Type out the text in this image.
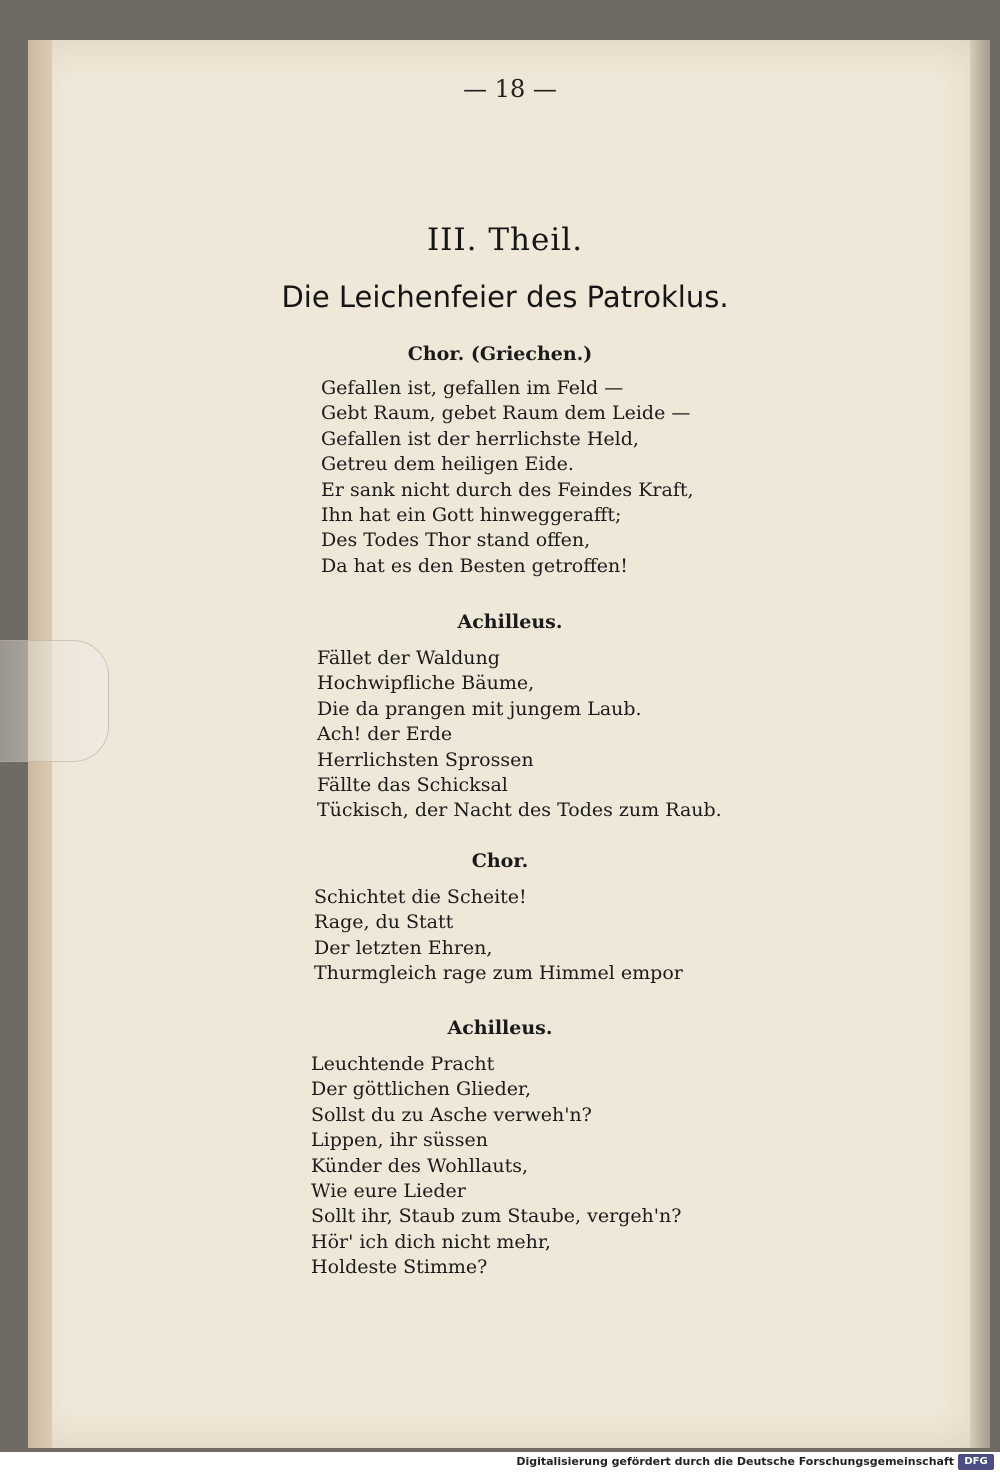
— 18 —
III. Theil.
Die Leichenfeier des Patroklus.
Chor. (Griechen.)
Gefallen ist, gefallen im Feld —
Gebt Raum, gebet Raum dem Leide —
Gefallen ist der herrlichste Held,
Getreu dem heiligen Eide.
Er sank nicht durch des Feindes Kraft,
Ihn hat ein Gott hinweggerafft;
Des Todes Thor stand offen,
Da hat es den Besten getroffen!
Achilleus.
Fället der Waldung
Hochwipfliche Bäume,
Die da prangen mit jungem Laub.
Ach! der Erde
Herrlichsten Sprossen
Fällte das Schicksal
Tückisch, der Nacht des Todes zum Raub.
Chor.
Schichtet die Scheite!
Rage, du Statt
Der letzten Ehren,
Thurmgleich rage zum Himmel empor
Achilleus.
Leuchtende Pracht
Der göttlichen Glieder,
Sollst du zu Asche verweh'n?
Lippen, ihr süssen
Künder des Wohllauts,
Wie eure Lieder
Sollt ihr, Staub zum Staube, vergeh'n?
Hör' ich dich nicht mehr,
Holdeste Stimme?
Digitalisierung gefördert durch die Deutsche Forschungsgemeinschaft	DFG
